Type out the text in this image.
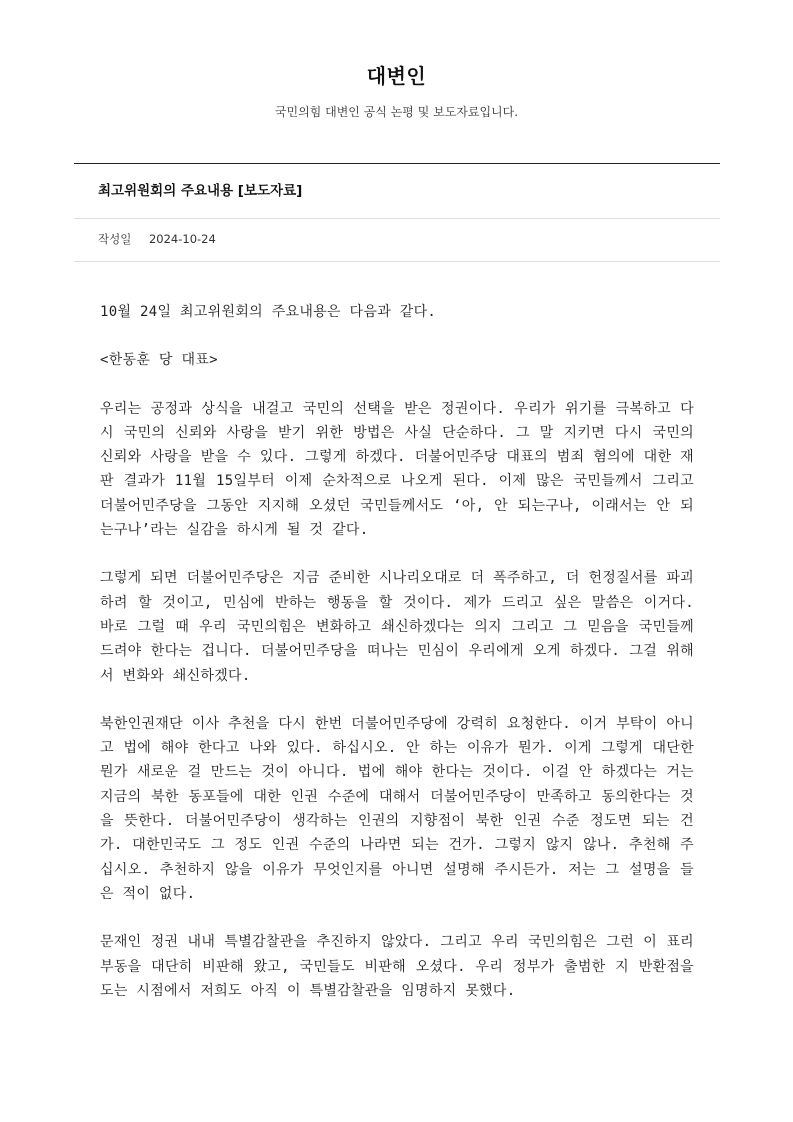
대변인
국민의힘 대변인 공식 논평 및 보도자료입니다.
최고위원회의 주요내용 [보도자료]
작성일 2024-10-24

10월 24일 최고위원회의 주요내용은 다음과 같다.

<한동훈 당 대표>

우리는 공정과 상식을 내걸고 국민의 선택을 받은 정권이다. 우리가 위기를 극복하고 다시 국민의 신뢰와 사랑을 받기 위한 방법은 사실 단순하다. 그 말 지키면 다시 국민의 신뢰와 사랑을 받을 수 있다. 그렇게 하겠다. 더불어민주당 대표의 범죄 혐의에 대한 재판 결과가 11월 15일부터 이제 순차적으로 나오게 된다. 이제 많은 국민들께서 그리고 더불어민주당을 그동안 지지해 오셨던 국민들께서도 ‘아, 안 되는구나, 이래서는 안 되는구나’라는 실감을 하시게 될 것 같다.

그렇게 되면 더불어민주당은 지금 준비한 시나리오대로 더 폭주하고, 더 헌정질서를 파괴하려 할 것이고, 민심에 반하는 행동을 할 것이다. 제가 드리고 싶은 말씀은 이거다. 바로 그럴 때 우리 국민의힘은 변화하고 쇄신하겠다는 의지 그리고 그 믿음을 국민들께 드려야 한다는 겁니다. 더불어민주당을 떠나는 민심이 우리에게 오게 하겠다. 그걸 위해서 변화와 쇄신하겠다.

북한인권재단 이사 추천을 다시 한번 더불어민주당에 강력히 요청한다. 이거 부탁이 아니고 법에 해야 한다고 나와 있다. 하십시오. 안 하는 이유가 뭔가. 이게 그렇게 대단한 뭔가 새로운 걸 만드는 것이 아니다. 법에 해야 한다는 것이다. 이걸 안 하겠다는 거는 지금의 북한 동포들에 대한 인권 수준에 대해서 더불어민주당이 만족하고 동의한다는 것을 뜻한다. 더불어민주당이 생각하는 인권의 지향점이 북한 인권 수준 정도면 되는 건가. 대한민국도 그 정도 인권 수준의 나라면 되는 건가. 그렇지 않지 않나. 추천해 주십시오. 추천하지 않을 이유가 무엇인지를 아니면 설명해 주시든가. 저는 그 설명을 들은 적이 없다.

문재인 정권 내내 특별감찰관을 추진하지 않았다. 그리고 우리 국민의힘은 그런 이 표리부동을 대단히 비판해 왔고, 국민들도 비판해 오셨다. 우리 정부가 출범한 지 반환점을 도는 시점에서 저희도 아직 이 특별감찰관을 임명하지 못했다.
